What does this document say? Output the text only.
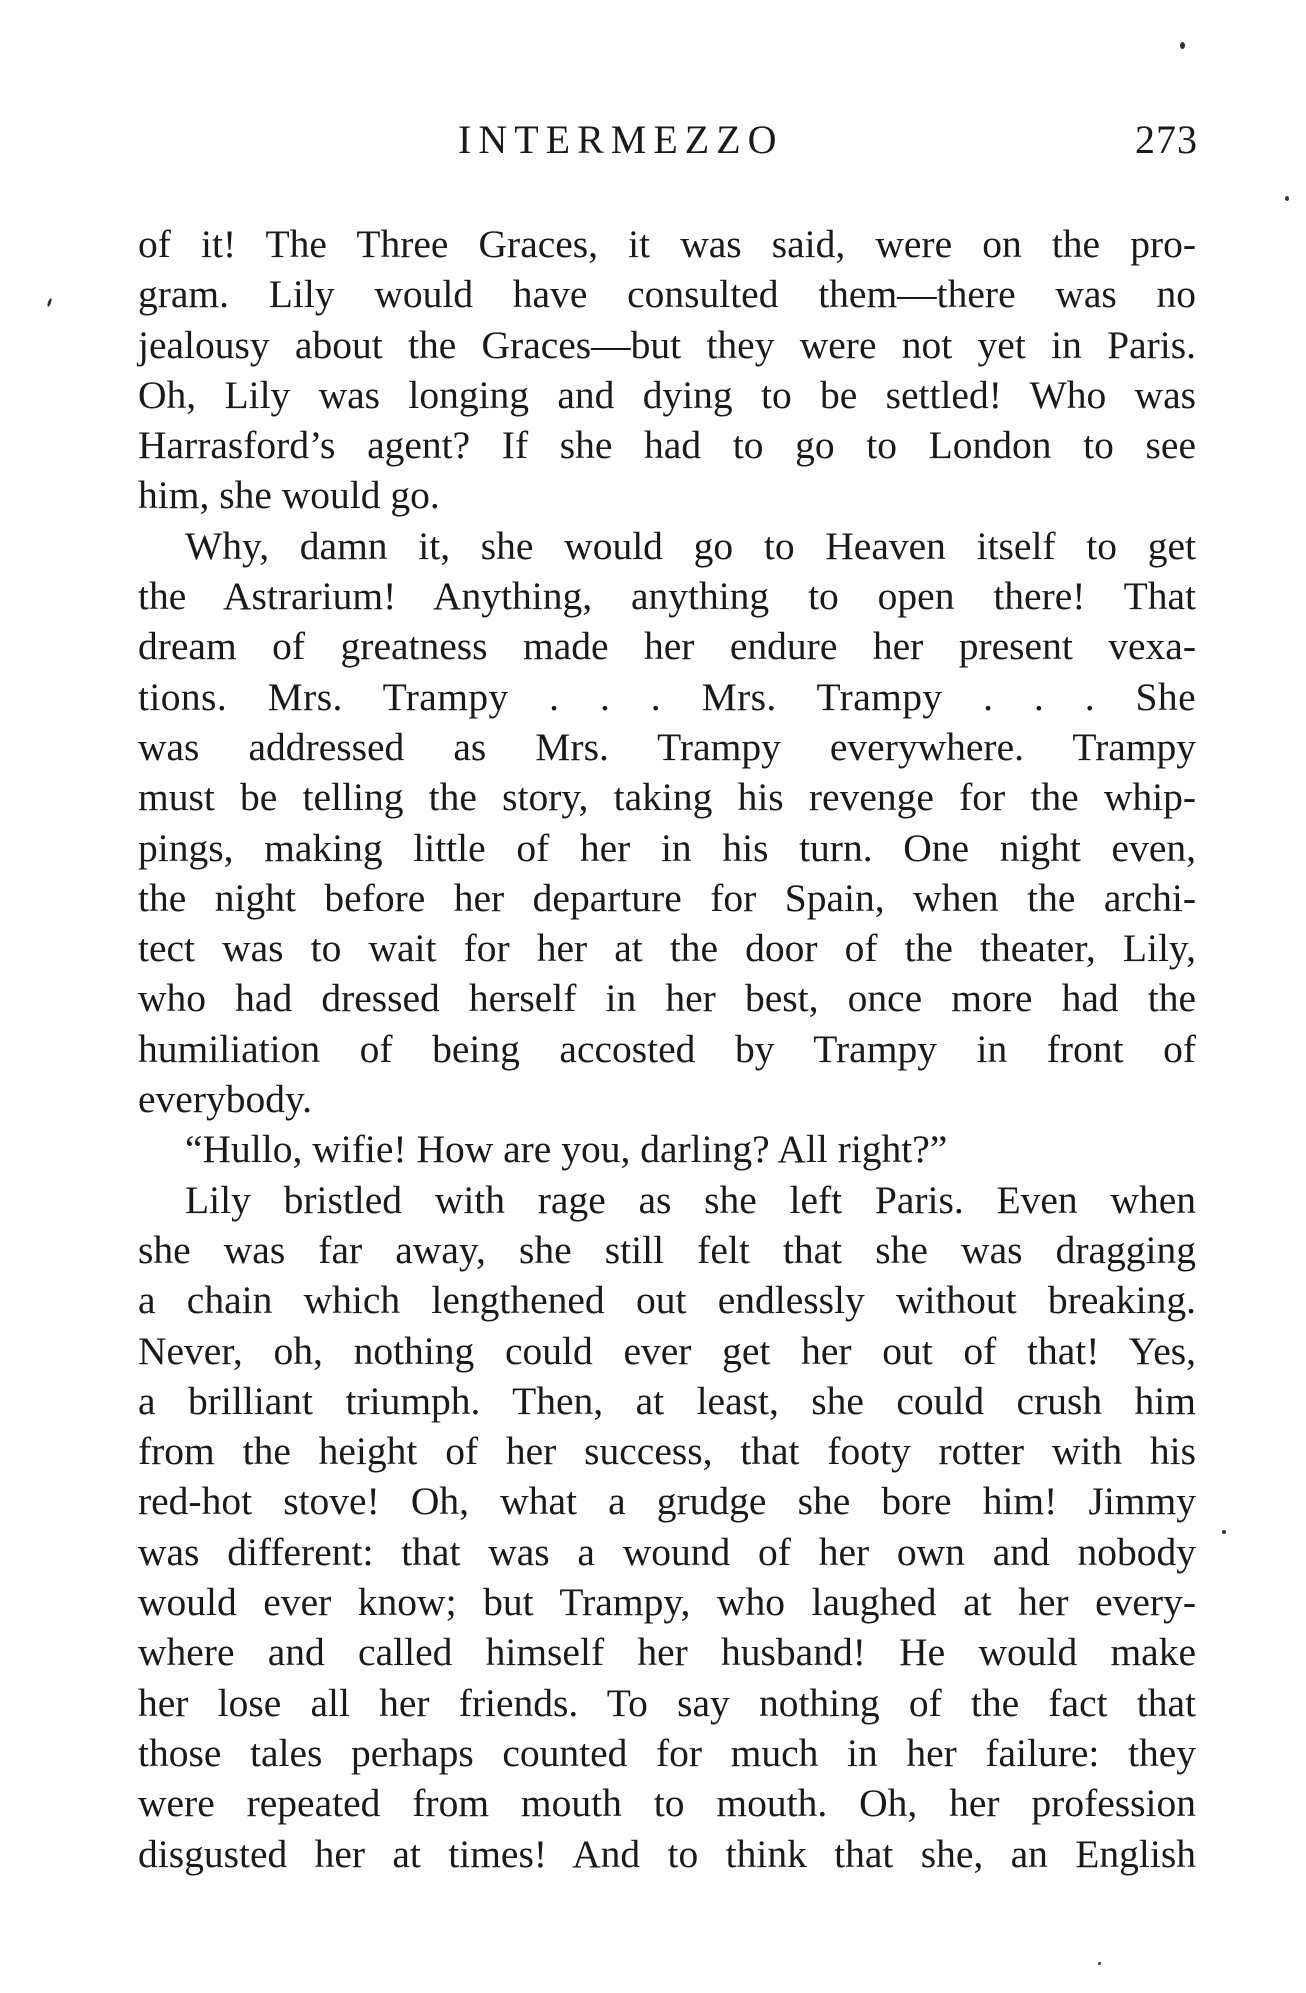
INTERMEZZO	273
of it! The Three Graces, it was said, were on the pro-
gram. Lily would have consulted them—there was no
jealousy about the Graces—but they were not yet in Paris.
Oh, Lily was longing and dying to be settled! Who was
Harrasford’s agent? If she had to go to London to see
him, she would go.
Why, damn it, she would go to Heaven itself to get
the Astrarium! Anything, anything to open there! That
dream of greatness made her endure her present vexa-
tions. Mrs. Trampy . . . Mrs. Trampy . . . She
was addressed as Mrs. Trampy everywhere. Trampy
must be telling the story, taking his revenge for the whip-
pings, making little of her in his turn. One night even,
the night before her departure for Spain, when the archi-
tect was to wait for her at the door of the theater, Lily,
who had dressed herself in her best, once more had the
humiliation of being accosted by Trampy in front of
everybody.
“Hullo, wifie! How are you, darling? All right?”
Lily bristled with rage as she left Paris. Even when
she was far away, she still felt that she was dragging
a chain which lengthened out endlessly without breaking.
Never, oh, nothing could ever get her out of that! Yes,
a brilliant triumph. Then, at least, she could crush him
from the height of her success, that footy rotter with his
red-hot stove! Oh, what a grudge she bore him! Jimmy
was different: that was a wound of her own and nobody
would ever know; but Trampy, who laughed at her every-
where and called himself her husband! He would make
her lose all her friends. To say nothing of the fact that
those tales perhaps counted for much in her failure: they
were repeated from mouth to mouth. Oh, her profession
disgusted her at times! And to think that she, an English
